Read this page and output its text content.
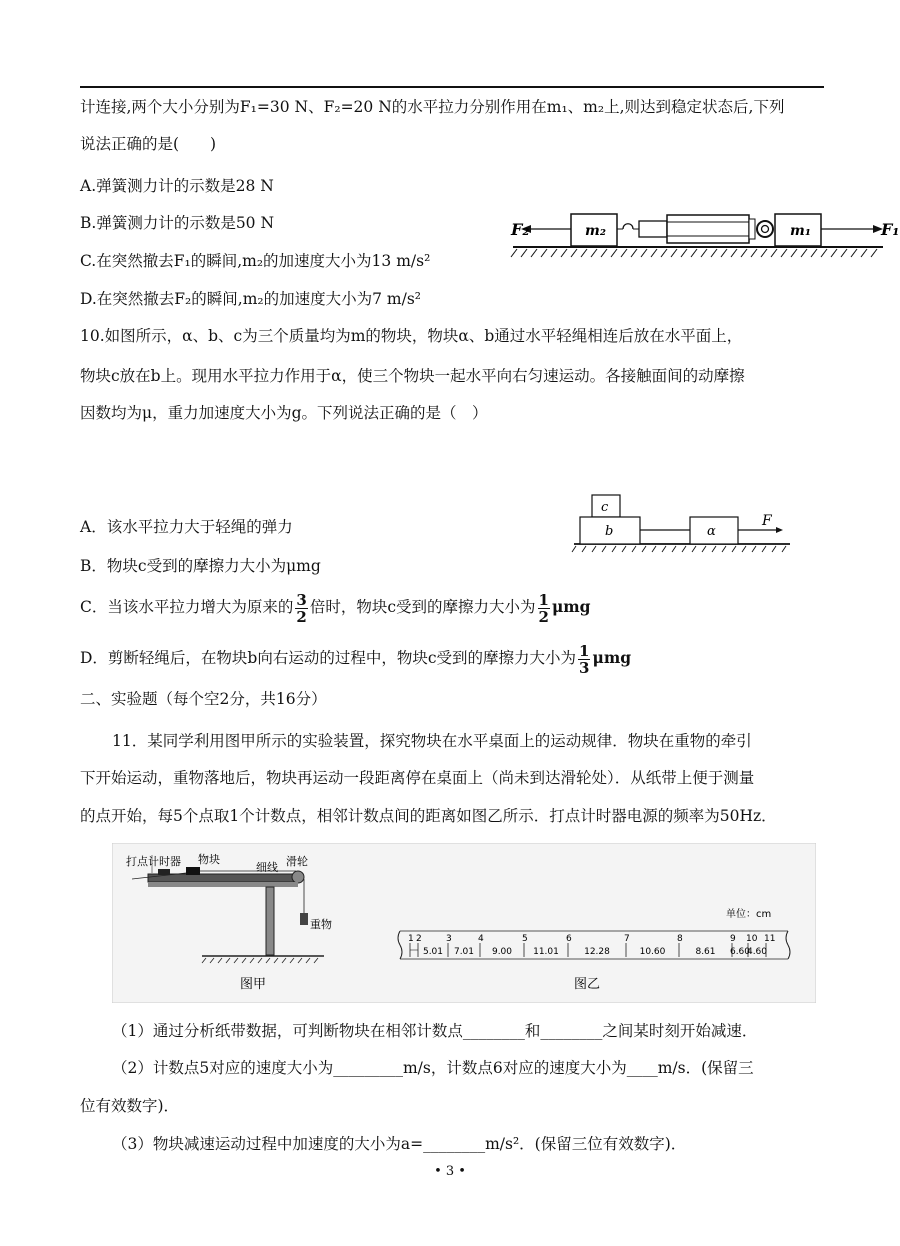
计连接,两个大小分别为F₁=30 N、F₂=20 N的水平拉力分别作用在m₁、m₂上,则达到稳定状态后,下列
说法正确的是(　　)
A.弹簧测力计的示数是28 N
B.弹簧测力计的示数是50 N
C.在突然撤去F₁的瞬间,m₂的加速度大小为13 m/s²
D.在突然撤去F₂的瞬间,m₂的加速度大小为7 m/s²
F₂	m₂	m₁	F₁
10.如图所示，α、b、c为三个质量均为m的物块，物块α、b通过水平轻绳相连后放在水平面上，
物块c放在b上。现用水平拉力作用于α，使三个物块一起水平向右匀速运动。各接触面间的动摩擦
因数均为μ，重力加速度大小为g。下列说法正确的是（　）
c
b	α
F
A．该水平拉力大于轻绳的弹力
B．物块c受到的摩擦力大小为μmg
C．当该水平拉力增大为原来的 $\frac{3}{2}$ 倍时，物块c受到的摩擦力大小为 $\frac{1}{2}$ μmg
D．剪断轻绳后，在物块b向右运动的过程中，物块c受到的摩擦力大小为 $\frac{1}{3}$ μmg
二、实验题（每个空2分，共16分）
11．某同学利用图甲所示的实验装置，探究物块在水平桌面上的运动规律．物块在重物的牵引
下开始运动，重物落地后，物块再运动一段距离停在桌面上（尚未到达滑轮处）．从纸带上便于测量
的点开始，每5个点取1个计数点，相邻计数点间的距离如图乙所示．打点计时器电源的频率为50Hz．
打点计时器 物块
细线 滑轮
重物
图甲
单位：cm
1 2	3	4	5	6	7	8	9 10 11
5.01 7.01 9.00 11.01	12.28	10.60	8.61 6.60
4.60
图乙
（1）通过分析纸带数据，可判断物块在相邻计数点________和________之间某时刻开始减速．
（2）计数点5对应的速度大小为_________m/s，计数点6对应的速度大小为____m/s．(保留三
位有效数字)．
（3）物块减速运动过程中加速度的大小为a=________m/s²．(保留三位有效数字)．
• 3 •
